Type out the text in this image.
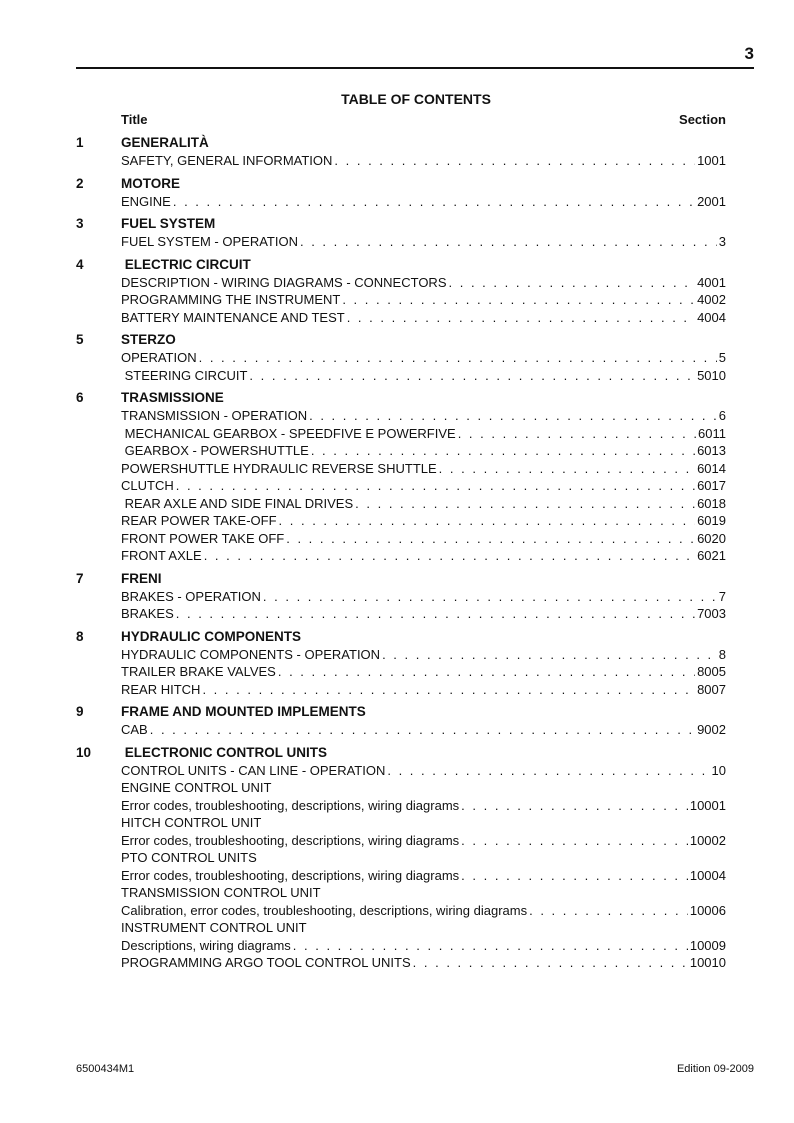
3
TABLE OF CONTENTS
Title	Section
1	GENERALITÀ
SAFETY, GENERAL INFORMATION . . .	1001
2	MOTORE
ENGINE . . .	2001
3	FUEL SYSTEM
FUEL SYSTEM - OPERATION . . .	3
4	ELECTRIC CIRCUIT
DESCRIPTION - WIRING DIAGRAMS - CONNECTORS . . .	4001
PROGRAMMING THE INSTRUMENT . . .	4002
BATTERY MAINTENANCE AND TEST . . .	4004
5	STERZO
OPERATION . . .	5
STEERING CIRCUIT . . .	5010
6	TRASMISSIONE
TRANSMISSION - OPERATION . . .	6
MECHANICAL GEARBOX - SPEEDFIVE E POWERFIVE . . .	6011
GEARBOX - POWERSHUTTLE . . .	6013
POWERSHUTTLE HYDRAULIC REVERSE SHUTTLE . . .	6014
CLUTCH . . .	6017
REAR AXLE AND SIDE FINAL DRIVES . . .	6018
REAR POWER TAKE-OFF . . .	6019
FRONT POWER TAKE OFF . . .	6020
FRONT AXLE . . .	6021
7	FRENI
BRAKES - OPERATION . . .	7
BRAKES . . .	7003
8	HYDRAULIC COMPONENTS
HYDRAULIC COMPONENTS - OPERATION . . .	8
TRAILER BRAKE VALVES . . .	8005
REAR HITCH . . .	8007
9	FRAME AND MOUNTED IMPLEMENTS
CAB . . .	9002
10	ELECTRONIC CONTROL UNITS
CONTROL UNITS - CAN LINE - OPERATION . . .	10
ENGINE CONTROL UNIT
Error codes, troubleshooting, descriptions, wiring diagrams . . .	10001
HITCH CONTROL UNIT
Error codes, troubleshooting, descriptions, wiring diagrams . . .	10002
PTO CONTROL UNITS
Error codes, troubleshooting, descriptions, wiring diagrams . . .	10004
TRANSMISSION CONTROL UNIT
Calibration, error codes, troubleshooting, descriptions, wiring diagrams . . .	10006
INSTRUMENT CONTROL UNIT
Descriptions, wiring diagrams . . .	10009
PROGRAMMING ARGO TOOL CONTROL UNITS . . .	10010
6500434M1	Edition 09-2009
